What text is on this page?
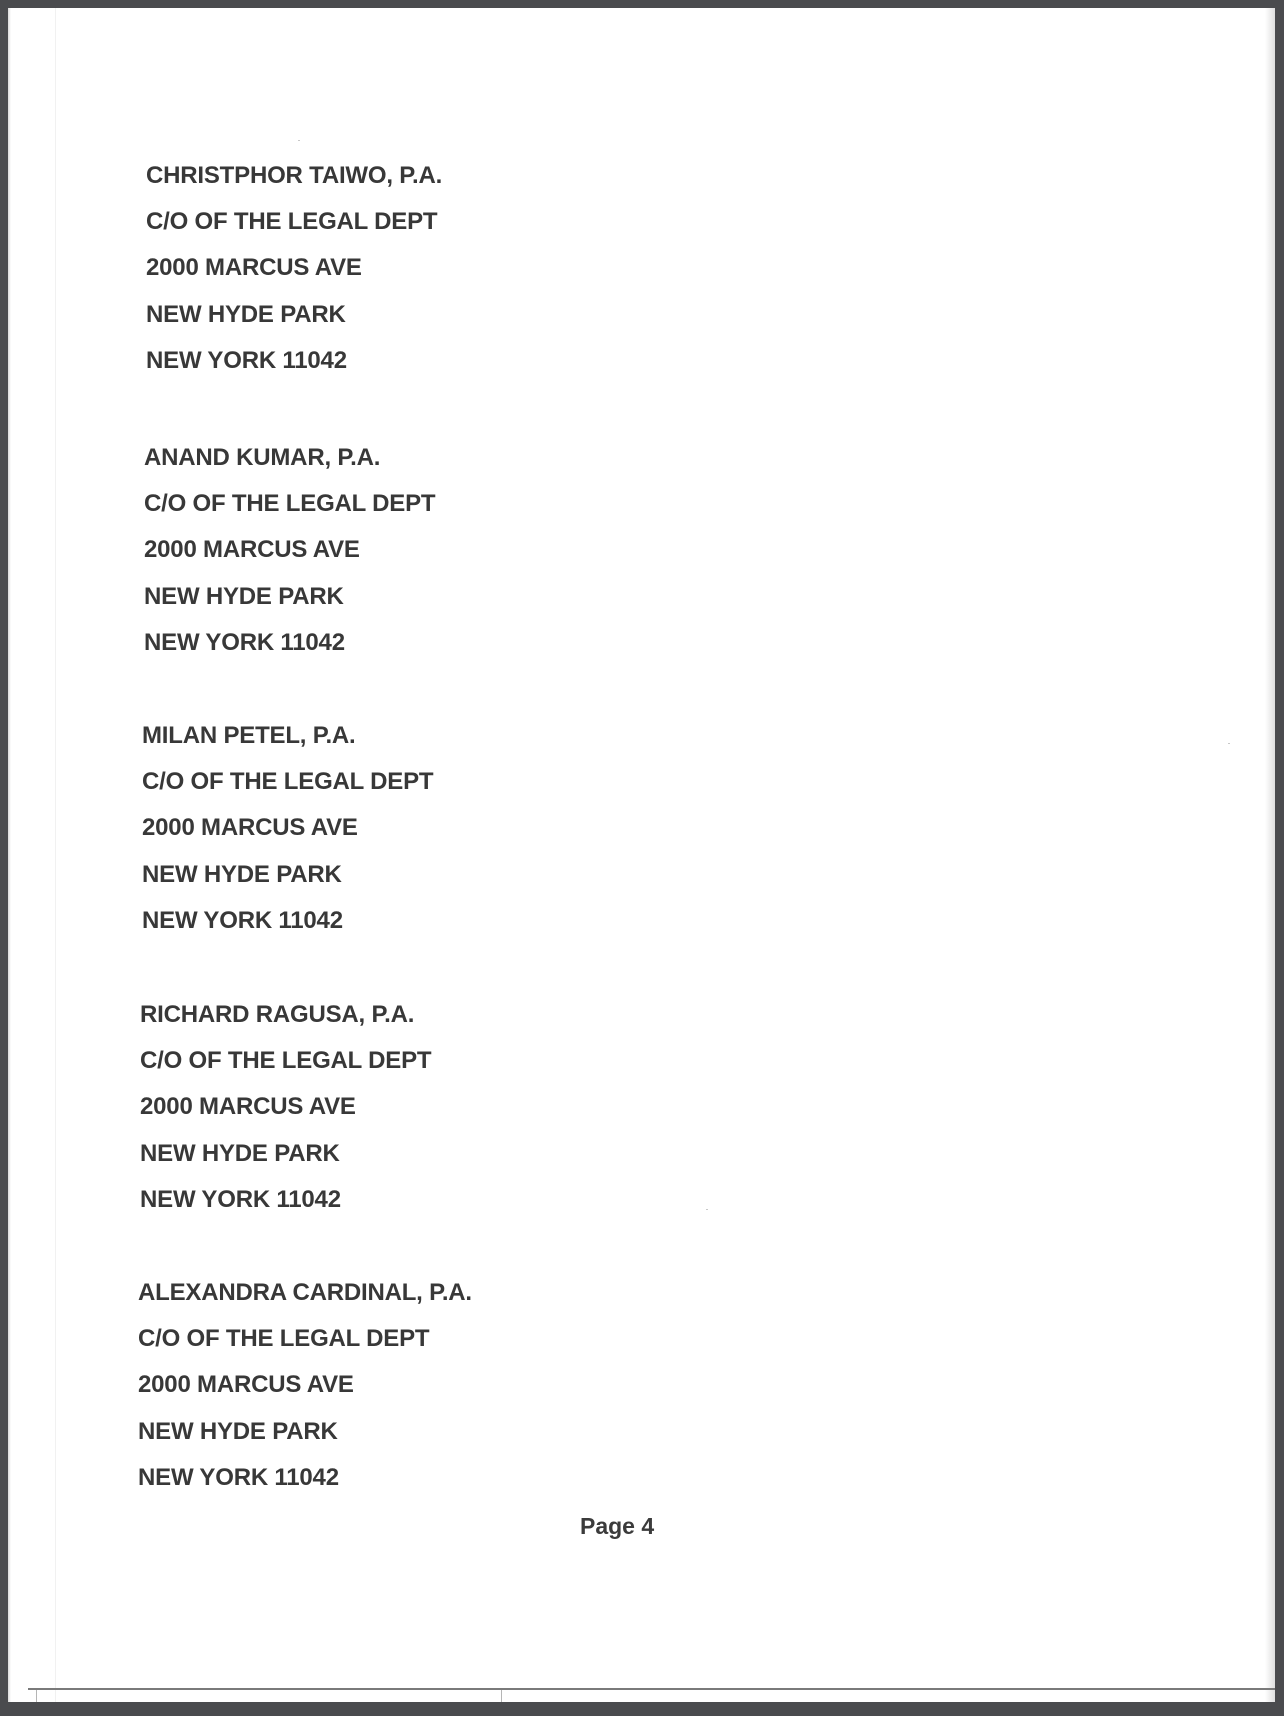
CHRISTPHOR TAIWO, P.A.
C/O OF THE LEGAL DEPT
2000 MARCUS AVE
NEW HYDE PARK
NEW YORK 11042
ANAND KUMAR, P.A.
C/O OF THE LEGAL DEPT
2000 MARCUS AVE
NEW HYDE PARK
NEW YORK 11042
MILAN PETEL, P.A.
C/O OF THE LEGAL DEPT
2000 MARCUS AVE
NEW HYDE PARK
NEW YORK 11042
RICHARD RAGUSA, P.A.
C/O OF THE LEGAL DEPT
2000 MARCUS AVE
NEW HYDE PARK
NEW YORK 11042
ALEXANDRA CARDINAL, P.A.
C/O OF THE LEGAL DEPT
2000 MARCUS AVE
NEW HYDE PARK
NEW YORK 11042
Page 4
